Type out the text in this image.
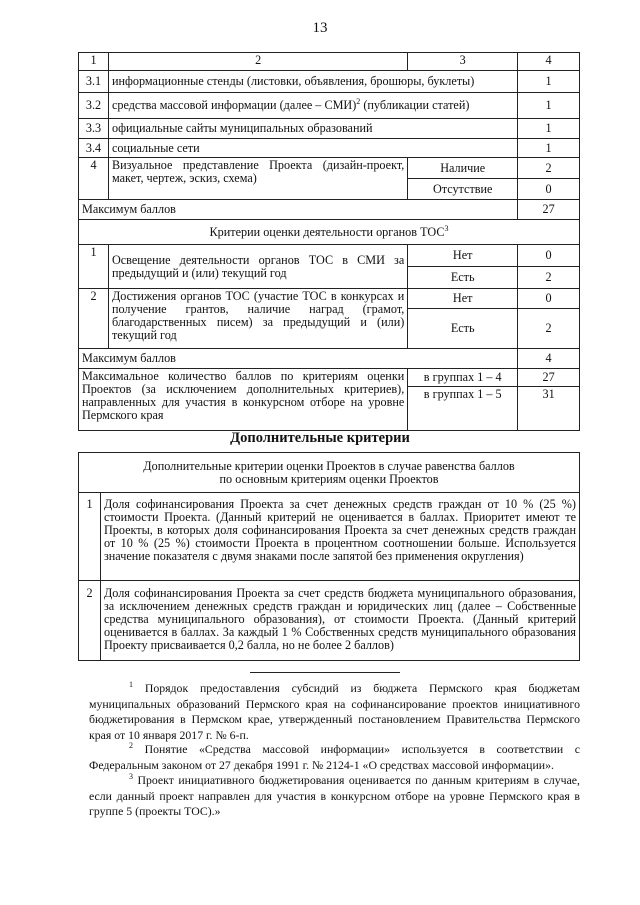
13
1	2	3	4
3.1	информационные стенды (листовки, объявления, брошюры, буклеты)		1
3.2	средства массовой информации (далее – СМИ)$^2$ (публикации статей)		1
3.3	официальные сайты муниципальных образований		1
3.4	социальные сети		1
4	Визуальное представление Проекта (дизайн-проект, макет, чертеж, эскиз, схема)	Наличие	2
		Отсутствие	0
Максимум баллов			27
Критерии оценки деятельности органов ТОС$^3$
1	Освещение деятельности органов ТОС в СМИ за предыдущий и (или) текущий год	Нет	0
		Есть	2
2	Достижения органов ТОС (участие ТОС в конкурсах и получение грантов, наличие наград (грамот, благодарственных писем) за предыдущий и (или) текущий год	Нет	0
		Есть	2
Максимум баллов			4
Максимальное количество баллов по критериям оценки Проектов (за исключением дополнительных критериев), направленных для участия в конкурсном отборе на уровне Пермского края		в группах 1 – 4	27
		в группах 1 – 5	31
Дополнительные критерии
Дополнительные критерии оценки Проектов в случае равенства баллов по основным критериям оценки Проектов	
1	Доля софинансирования Проекта за счет денежных средств граждан от 10 % (25 %) стоимости Проекта. (Данный критерий не оценивается в баллах. Приоритет имеют те Проекты, в которых доля софинансирования Проекта за счет денежных средств граждан от 10 % (25 %) стоимости Проекта в процентном соотношении больше. Используется значение показателя с двумя знаками после запятой без применения округления)
2	Доля софинансирования Проекта за счет средств бюджета муниципального образования, за исключением денежных средств граждан и юридических лиц (далее – Собственные средства муниципального образования), от стоимости Проекта. (Данный критерий оценивается в баллах. За каждый 1 % Собственных средств муниципального образования Проекту присваивается 0,2 балла, но не более 2 баллов)
$^1$ Порядок предоставления субсидий из бюджета Пермского края бюджетам муниципальных образований Пермского края на софинансирование проектов инициативного бюджетирования в Пермском крае, утвержденный постановлением Правительства Пермского края от 10 января 2017 г. № 6-п.
$^2$ Понятие «Средства массовой информации» используется в соответствии с Федеральным законом от 27 декабря 1991 г. № 2124-1 «О средствах массовой информации».
$^3$ Проект инициативного бюджетирования оценивается по данным критериям в случае, если данный проект направлен для участия в конкурсном отборе на уровне Пермского края в группе 5 (проекты ТОС).»
